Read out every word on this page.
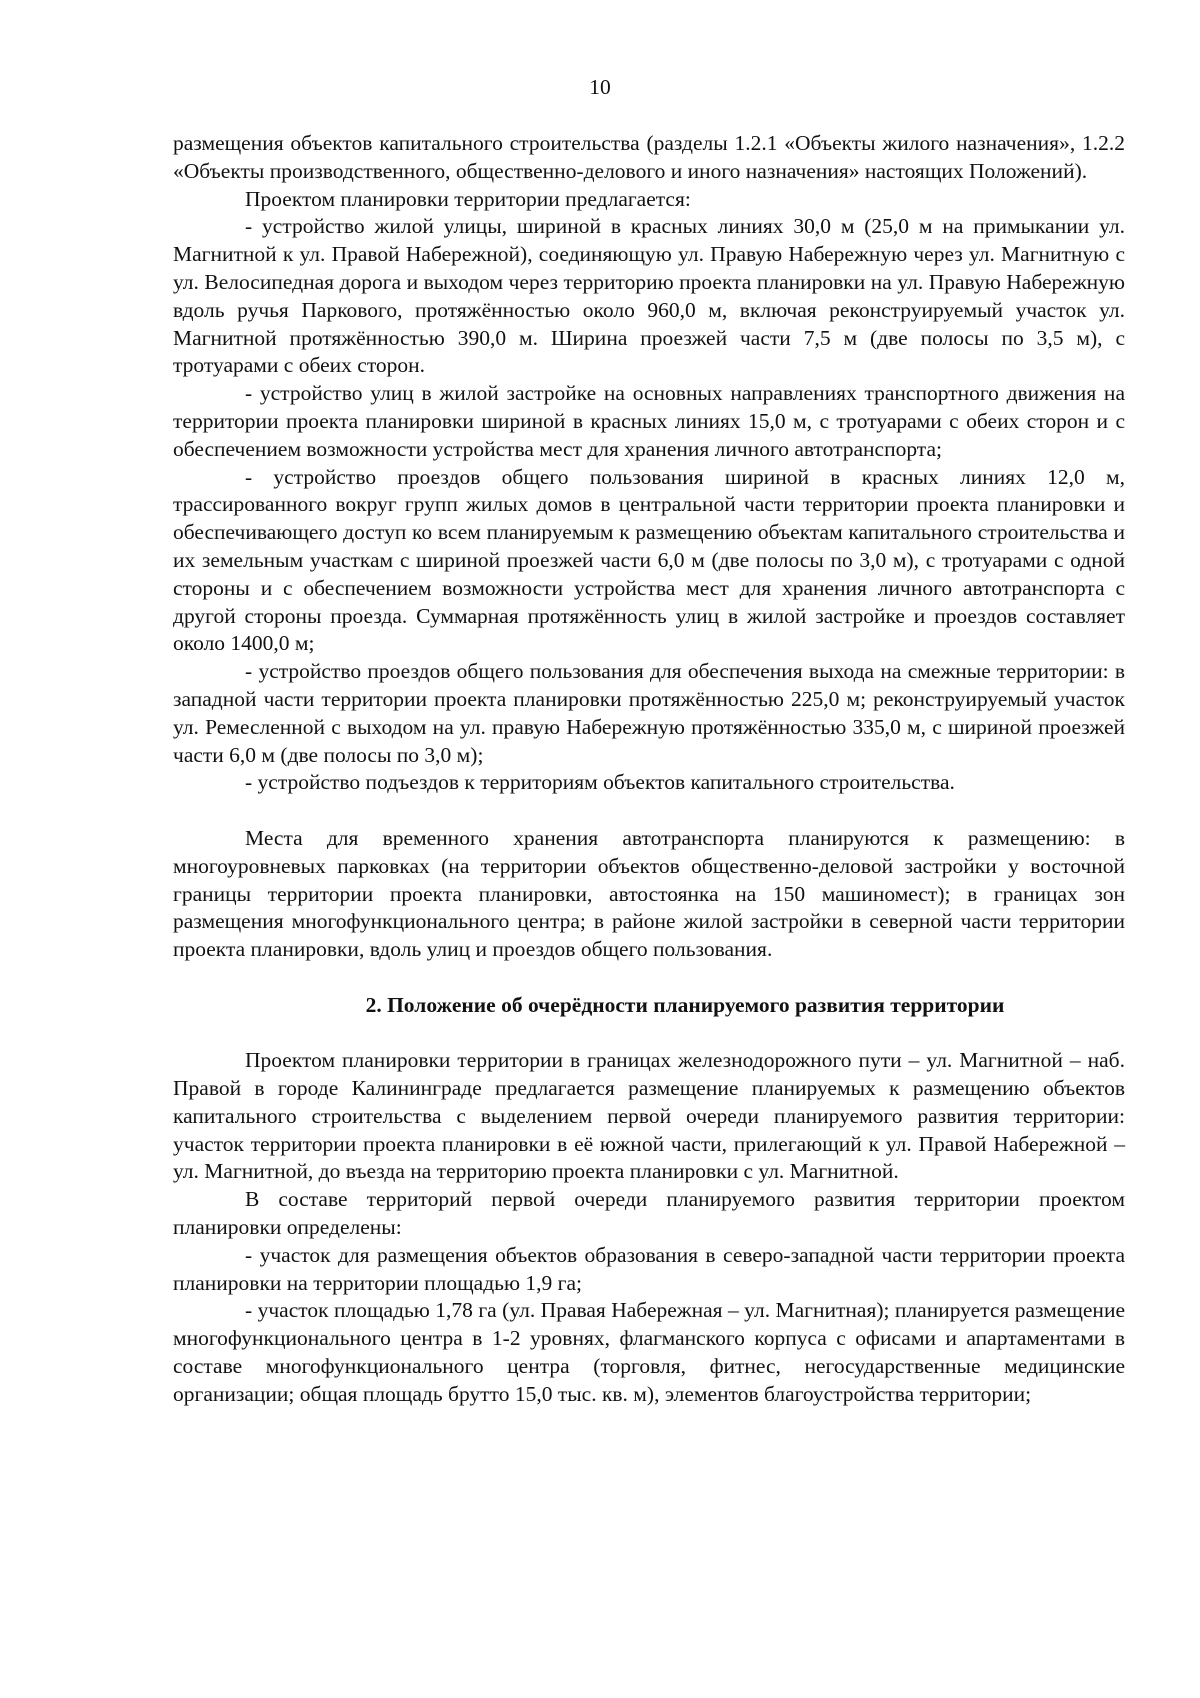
10

размещения объектов капитального строительства (разделы 1.2.1 «Объекты жилого назначения», 1.2.2 «Объекты производственного, общественно-делового и иного назначения» настоящих Положений).

Проектом планировки территории предлагается:

- устройство жилой улицы, шириной в красных линиях 30,0 м (25,0 м на примыкании ул. Магнитной к ул. Правой Набережной), соединяющую ул. Правую Набережную через ул. Магнитную с ул. Велосипедная дорога и выходом через территорию проекта планировки на ул. Правую Набережную вдоль ручья Паркового, протяжённостью около 960,0 м, включая реконструируемый участок ул. Магнитной протяжённостью 390,0 м. Ширина проезжей части 7,5 м (две полосы по 3,5 м), с тротуарами с обеих сторон.

- устройство улиц в жилой застройке на основных направлениях транспортного движения на территории проекта планировки шириной в красных линиях 15,0 м, с тротуарами с обеих сторон и с обеспечением возможности устройства мест для хранения личного автотранспорта;

- устройство проездов общего пользования шириной в красных линиях 12,0 м, трассированного вокруг групп жилых домов в центральной части территории проекта планировки и обеспечивающего доступ ко всем планируемым к размещению объектам капитального строительства и их земельным участкам с шириной проезжей части 6,0 м (две полосы по 3,0 м), с тротуарами с одной стороны и с обеспечением возможности устройства мест для хранения личного автотранспорта с другой стороны проезда. Суммарная протяжённость улиц в жилой застройке и проездов составляет около 1400,0 м;

- устройство проездов общего пользования для обеспечения выхода на смежные территории: в западной части территории проекта планировки протяжённостью 225,0 м; реконструируемый участок ул. Ремесленной с выходом на ул. правую Набережную протяжённостью 335,0 м, с шириной проезжей части 6,0 м (две полосы по 3,0 м);

- устройство подъездов к территориям объектов капитального строительства.

Места для временного хранения автотранспорта планируются к размещению: в многоуровневых парковках (на территории объектов общественно-деловой застройки у восточной границы территории проекта планировки, автостоянка на 150 машиномест); в границах зон размещения многофункционального центра; в районе жилой застройки в северной части территории проекта планировки, вдоль улиц и проездов общего пользования.

2. Положение об очерёдности планируемого развития территории

Проектом планировки территории в границах железнодорожного пути – ул. Магнитной – наб. Правой в городе Калининграде предлагается размещение планируемых к размещению объектов капитального строительства с выделением первой очереди планируемого развития территории: участок территории проекта планировки в её южной части, прилегающий к ул. Правой Набережной – ул. Магнитной, до въезда на территорию проекта планировки с ул. Магнитной.

В составе территорий первой очереди планируемого развития территории проектом планировки определены:

- участок для размещения объектов образования в северо-западной части территории проекта планировки на территории площадью 1,9 га;

- участок площадью 1,78 га (ул. Правая Набережная – ул. Магнитная); планируется размещение многофункционального центра в 1-2 уровнях, флагманского корпуса с офисами и апартаментами в составе многофункционального центра (торговля, фитнес, негосударственные медицинские организации; общая площадь брутто 15,0 тыс. кв. м), элементов благоустройства территории;
